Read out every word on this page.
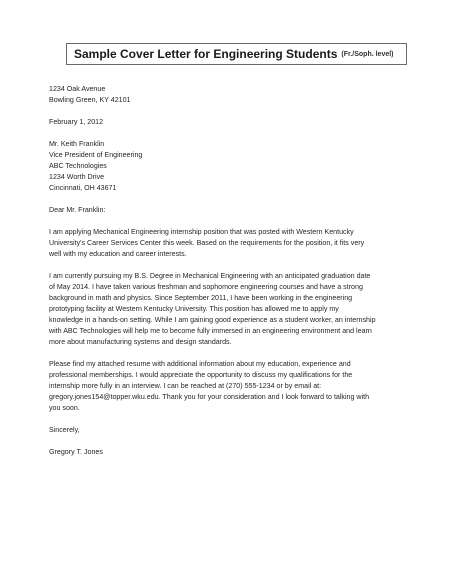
Sample Cover Letter for Engineering Students (Fr./Soph. level)
1234 Oak Avenue
Bowling Green, KY 42101
February 1, 2012
Mr. Keith Franklin
Vice President of Engineering
ABC Technologies
1234 Worth Drive
Cincinnati, OH 43671
Dear Mr. Franklin:
I am applying Mechanical Engineering internship position that was posted with Western Kentucky
University's Career Services Center this week. Based on the requirements for the position, it fits very
well with my education and career interests.
I am currently pursuing my B.S. Degree in Mechanical Engineering with an anticipated graduation date
of May 2014. I have taken various freshman and sophomore engineering courses and have a strong
background in math and physics. Since September 2011, I have been working in the engineering
prototyping facility at Western Kentucky University. This position has allowed me to apply my
knowledge in a hands-on setting. While I am gaining good experience as a student worker, an internship
with ABC Technologies will help me to become fully immersed in an engineering environment and learn
more about manufacturing systems and design standards.
Please find my attached resume with additional information about my education, experience and
professional memberships. I would appreciate the opportunity to discuss my qualifications for the
internship more fully in an interview. I can be reached at (270) 555-1234 or by email at:
gregory.jones154@topper.wku.edu. Thank you for your consideration and I look forward to talking with
you soon.
Sincerely,
Gregory T. Jones
